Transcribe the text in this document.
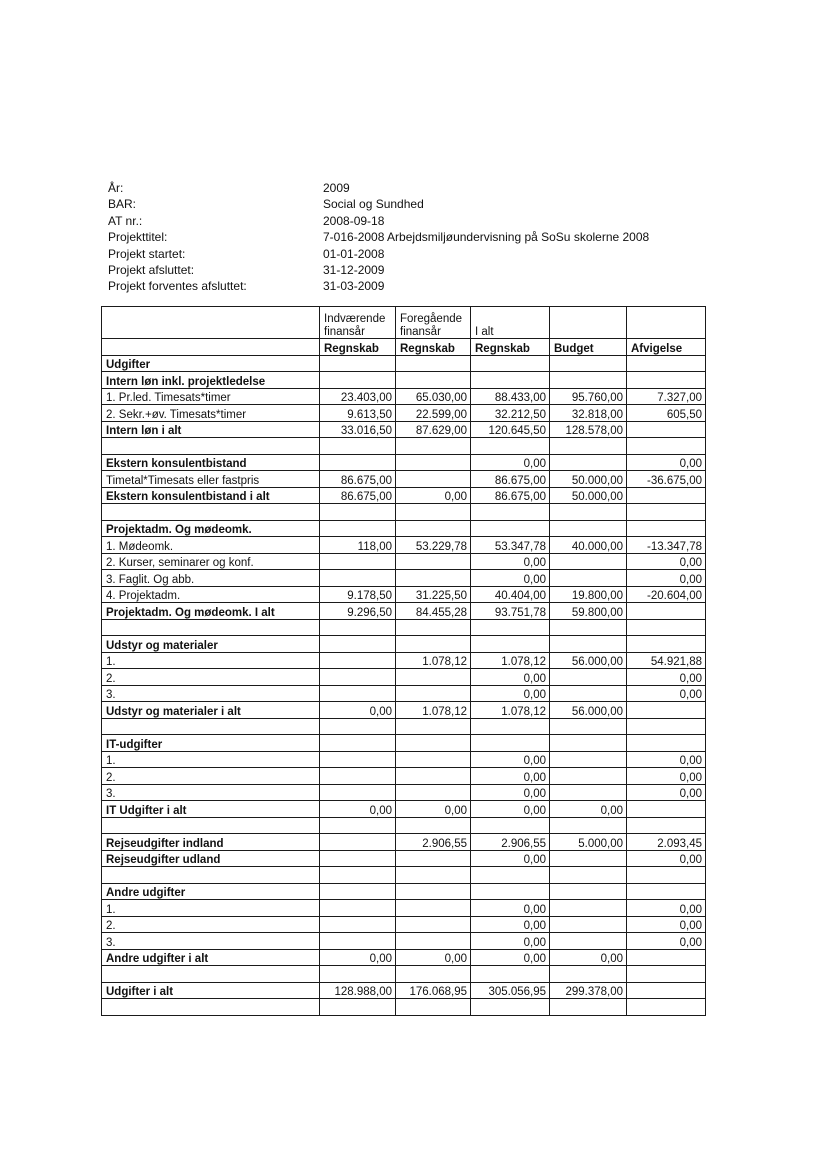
År:	2009
BAR:	Social og Sundhed
AT nr.:	2008-09-18
Projekttitel:	7-016-2008 Arbejdsmiljøundervisning på SoSu skolerne 2008
Projekt startet:	01-01-2008
Projekt afsluttet:	31-12-2009
Projekt forventes afsluttet:	31-03-2009
	Indværende finansår	Foregående finansår	I alt		
	Regnskab	Regnskab	Regnskab	Budget	Afvigelse
Udgifter					
Intern løn inkl. projektledelse					
1. Pr.led. Timesats*timer	23.403,00	65.030,00	88.433,00	95.760,00	7.327,00
2. Sekr.+øv. Timesats*timer	9.613,50	22.599,00	32.212,50	32.818,00	605,50
Intern løn i alt	33.016,50	87.629,00	120.645,50	128.578,00	

Ekstern konsulentbistand			0,00		0,00
Timetal*Timesats eller fastpris	86.675,00		86.675,00	50.000,00	-36.675,00
Ekstern konsulentbistand i alt	86.675,00	0,00	86.675,00	50.000,00	

Projektadm. Og mødeomk.					
1. Mødeomk.	118,00	53.229,78	53.347,78	40.000,00	-13.347,78
2. Kurser, seminarer og konf.			0,00		0,00
3. Faglit. Og abb.			0,00		0,00
4. Projektadm.	9.178,50	31.225,50	40.404,00	19.800,00	-20.604,00
Projektadm. Og mødeomk. I alt	9.296,50	84.455,28	93.751,78	59.800,00	

Udstyr og materialer					
1.		1.078,12	1.078,12	56.000,00	54.921,88
2.			0,00		0,00
3.			0,00		0,00
Udstyr og materialer i alt	0,00	1.078,12	1.078,12	56.000,00	

IT-udgifter					
1.			0,00		0,00
2.			0,00		0,00
3.			0,00		0,00
IT Udgifter i alt	0,00	0,00	0,00	0,00	

Rejseudgifter indland		2.906,55	2.906,55	5.000,00	2.093,45
Rejseudgifter udland			0,00		0,00

Andre udgifter					
1.			0,00		0,00
2.			0,00		0,00
3.			0,00		0,00
Andre udgifter i alt	0,00	0,00	0,00	0,00	

Udgifter i alt	128.988,00	176.068,95	305.056,95	299.378,00	
